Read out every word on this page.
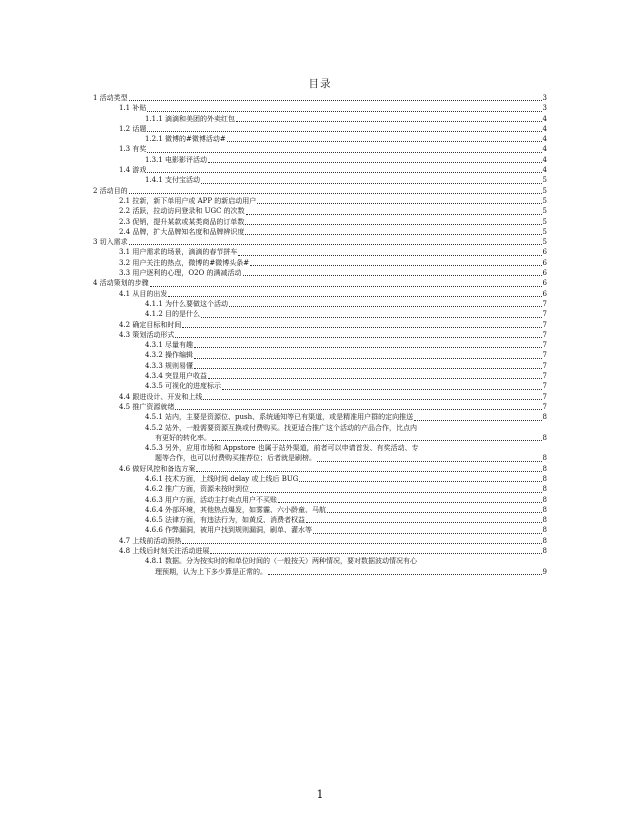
目录
1 活动类型	3
1.1 补贴	3
1.1.1 滴滴和美团的外卖红包	4
1.2 话题	4
1.2.1 微博的#微博活动#	4
1.3 有奖	4
1.3.1 电影影评活动	4
1.4 游戏	4
1.4.1 支付宝活动	5
2 活动目的	5
2.1 拉新，新下单用户或 APP 的新启动用户	5
2.2 活跃，拉动访问登录和 UGC 的次数	5
2.3 促销，提升某款或某类商品的订单数	5
2.4 品牌，扩大品牌知名度和品牌辨识度	5
3 切入需求	5
3.1 用户需求的场景，滴滴的春节拼车	6
3.2 用户关注的热点，微博的#微博头条#	6
3.3 用户逐利的心理，O2O 的满减活动	6
4 活动策划的步骤	6
4.1 从目的出发	6
4.1.1 为什么要做这个活动	7
4.1.2 目的是什么	7
4.2 确定目标和时间	7
4.3 策划活动形式	7
4.3.1 尽量有趣	7
4.3.2 操作编辑	7
4.3.3 规则易懂	7
4.3.4 突显用户收益	7
4.3.5 可视化的进度标示	7
4.4 跟进设计、开发和上线	7
4.5 推广资源就绪	7
4.5.1 站内，主要是资源位、push、系统通知等已有渠道，或是精准用户群的定向推送	8
4.5.2 站外，一般需要资源互换或付费购买。找更适合推广这个活动的产品合作，比点内
有更好的转化率。	8
4.5.3 另外，应用市场和 Appstore 也属于站外渠道，前者可以申请首发、有奖活动、专
题等合作，也可以付费购买推荐位；后者就是刷榜。	8
4.6 做好风控和备选方案	8
4.6.1 技术方面，上线时间 delay 或上线后 BUG	8
4.6.2 推广方面，资源未按时到位	8
4.6.3 用户方面，活动主打卖点用户不买账	8
4.6.4 外部环境，其他热点爆发，如雾霾、六小龄童、马航	8
4.6.5 法律方面，有违法行为，如黄反、消费者权益	8
4.6.6 作弊漏洞，被用户找到规则漏洞，刷单、灌水等	8
4.7 上线前活动预热	8
4.8 上线后时刻关注活动进展	8
4.8.1 数据。分为按实时的和单位时间的（一般按天）两种情况，要对数据波动情况有心
理预期，认为上下多少算是正常的。	9
1
